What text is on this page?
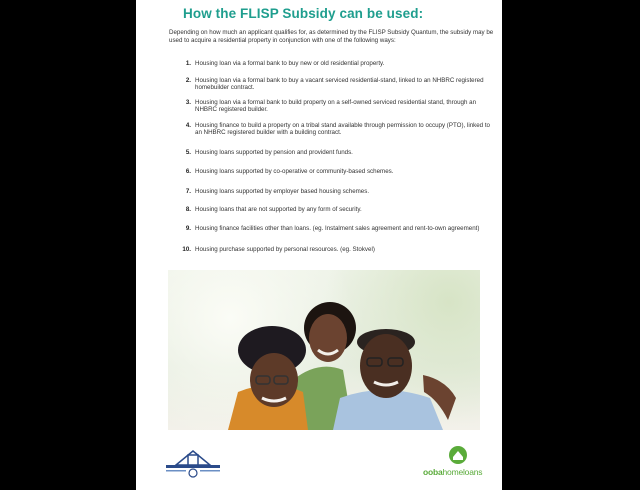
How the FLISP Subsidy can be used:
Depending on how much an applicant qualifies for, as determined by the FLISP Subsidy Quantum, the subsidy may be used to acquire a residential property in conjunction with one of the following ways:
1. Housing loan via a formal bank to buy new or old residential property.
2. Housing loan via a formal bank to buy a vacant serviced residential-stand, linked to an NHBRC registered homebuilder contract.
3. Housing loan via a formal bank to build property on a self-owned serviced residential stand, through an NHBRC registered builder.
4. Housing finance to build a property on a tribal stand available through permission to occupy (PTO), linked to an NHBRC registered builder with a building contract.
5. Housing loans supported by pension and provident funds.
6. Housing loans supported by co-operative or community-based schemes.
7. Housing loans supported by employer based housing schemes.
8. Housing loans that are not supported by any form of security.
9. Housing finance facilities other than loans. (eg. Instalment sales agreement and rent-to-own agreement)
10. Housing purchase supported by personal resources. (eg. Stokvel)
oobahomeloans
